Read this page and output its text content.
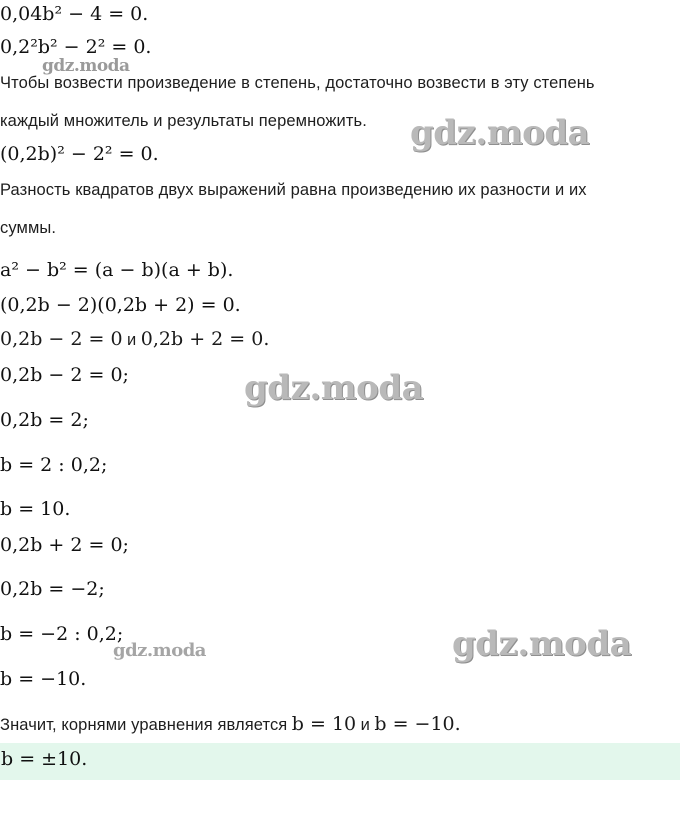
0,04b² − 4 = 0.
0,2²b² − 2² = 0.
Чтобы возвести произведение в степень, достаточно возвести в эту степень
каждый множитель и результаты перемножить.
(0,2b)² − 2² = 0.
Разность квадратов двух выражений равна произведению их разности и их
суммы.
a² − b² = (a − b)(a + b).
(0,2b − 2)(0,2b + 2) = 0.
0,2b − 2 = 0 и 0,2b + 2 = 0.
0,2b − 2 = 0;
0,2b = 2;
b = 2 : 0,2;
b = 10.
0,2b + 2 = 0;
0,2b = −2;
b = −2 : 0,2;
b = −10.
Значит, корнями уравнения является b = 10 и b = −10.
b = ±10.
gdz.moda
gdz.moda
gdz.moda
gdz.moda	gdz.moda
